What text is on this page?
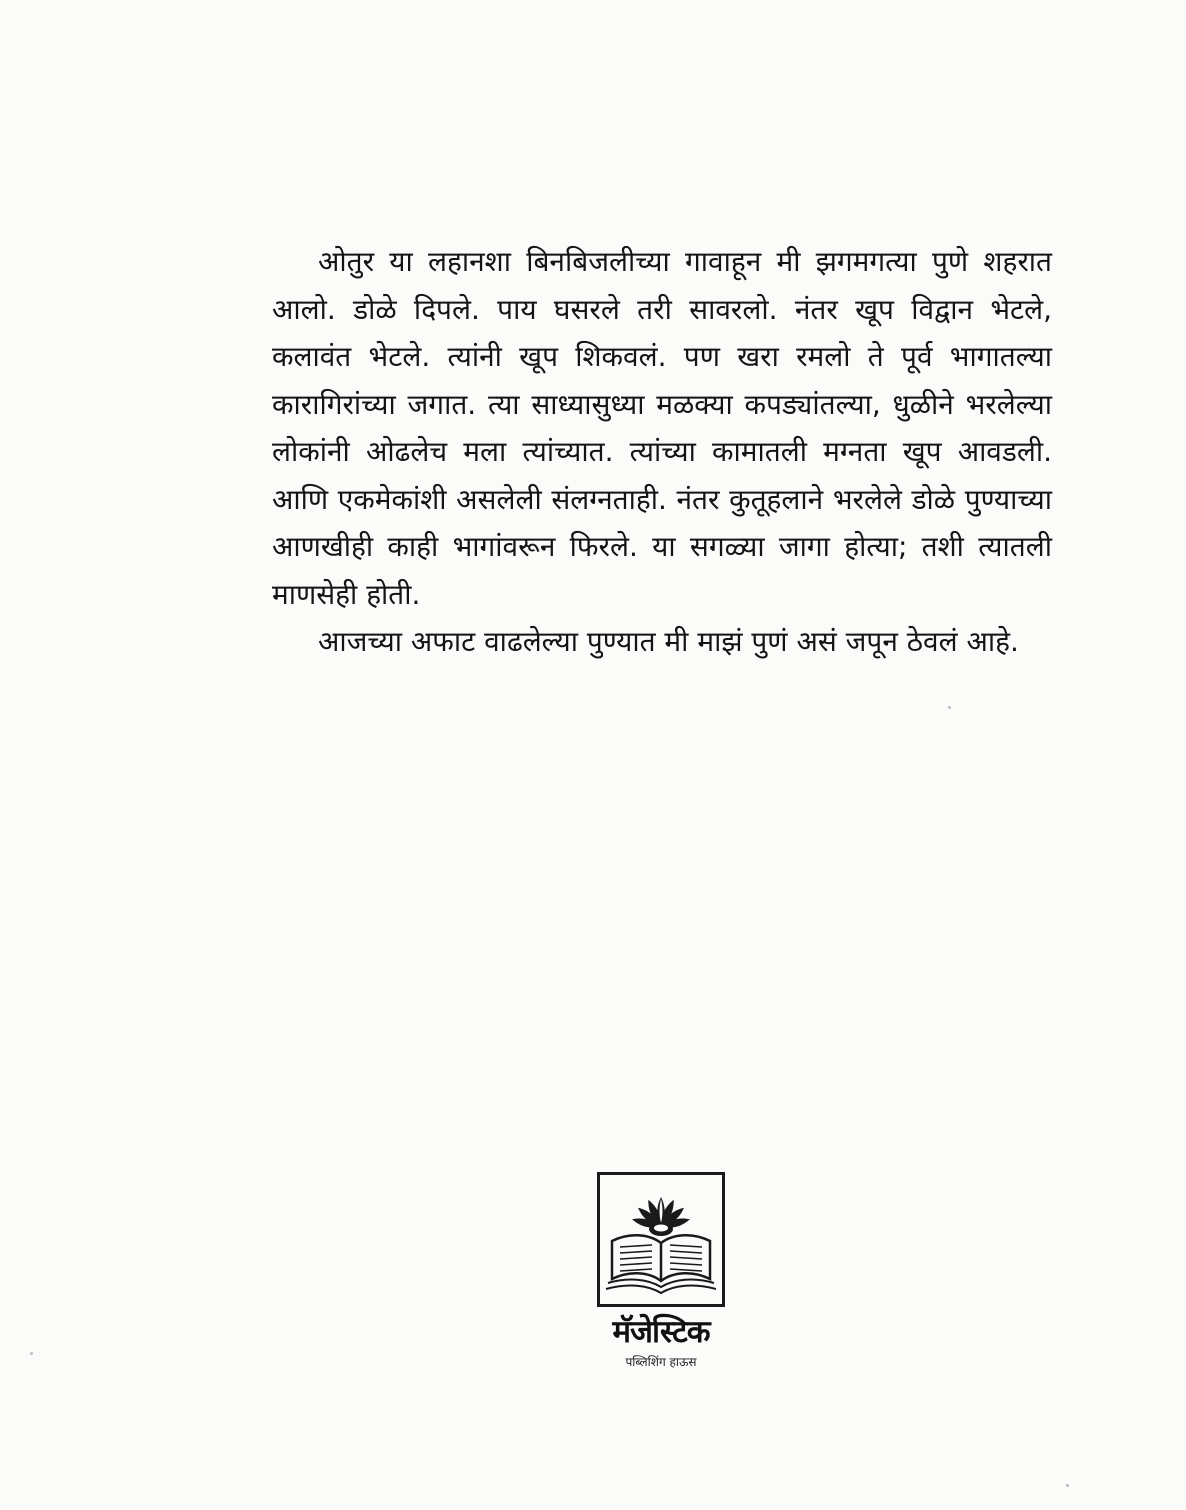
ओतुर या लहानशा बिनबिजलीच्या गावाहून मी झगमगत्या पुणे शहरात आलो. डोळे दिपले. पाय घसरले तरी सावरलो. नंतर खूप विद्वान भेटले, कलावंत भेटले. त्यांनी खूप शिकवलं. पण खरा रमलो ते पूर्व भागातल्या कारागिरांच्या जगात. त्या साध्यासुध्या मळक्या कपड्यांतल्या, धुळीने भरलेल्या लोकांनी ओढलेच मला त्यांच्यात. त्यांच्या कामातली मग्नता खूप आवडली. आणि एकमेकांशी असलेली संलग्नताही. नंतर कुतूहलाने भरलेले डोळे पुण्याच्या आणखीही काही भागांवरून फिरले. या सगळ्या जागा होत्या; तशी त्यातली माणसेही होती.

आजच्या अफाट वाढलेल्या पुण्यात मी माझं पुणं असं जपून ठेवलं आहे.

मॅजेस्टिक
पब्लिशिंग हाऊस
